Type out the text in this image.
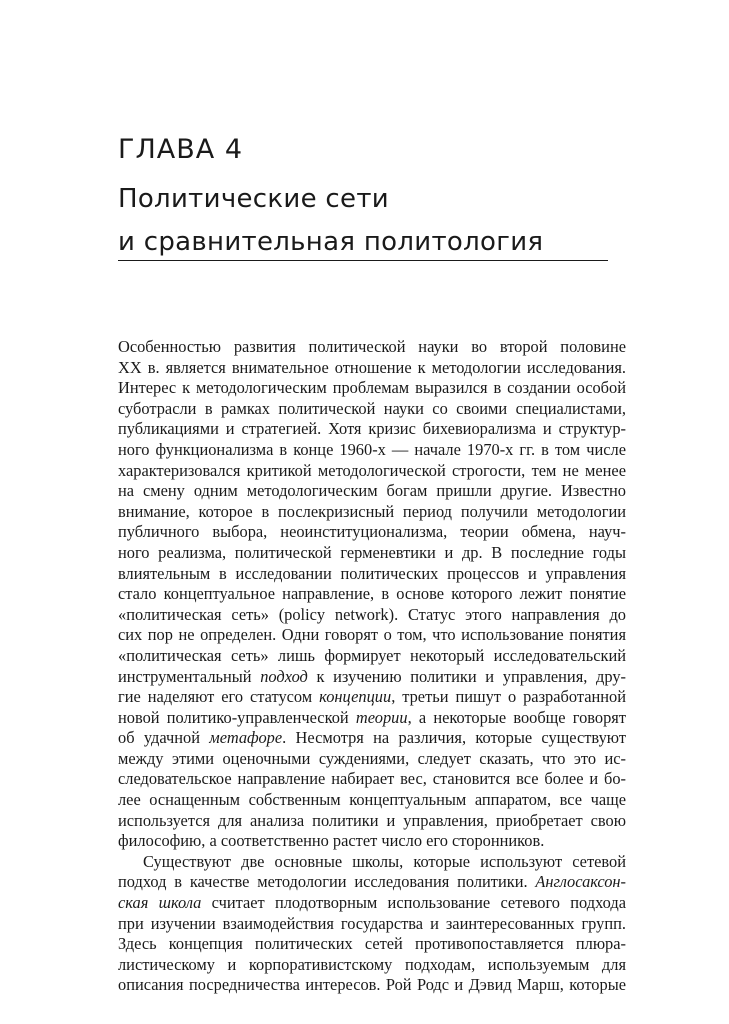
ГЛАВА 4
Политические сети
и сравнительная политология
Особенностью развития политической науки во второй половине
XX в. является внимательное отношение к методологии исследования.
Интерес к методологическим проблемам выразился в создании особой
суботрасли в рамках политической науки со своими специалистами,
публикациями и стратегией. Хотя кризис бихевиорализма и структур-
ного функционализма в конце 1960-х — начале 1970-х гг. в том числе
характеризовался критикой методологической строгости, тем не менее
на смену одним методологическим богам пришли другие. Известно
внимание, которое в послекризисный период получили методологии
публичного выбора, неоинституционализма, теории обмена, науч-
ного реализма, политической герменевтики и др. В последние годы
влиятельным в исследовании политических процессов и управления
стало концептуальное направление, в основе которого лежит понятие
«политическая сеть» (policy network). Статус этого направления до
сих пор не определен. Одни говорят о том, что использование понятия
«политическая сеть» лишь формирует некоторый исследовательский
инструментальный подход к изучению политики и управления, дру-
гие наделяют его статусом концепции, третьи пишут о разработанной
новой политико-управленческой теории, а некоторые вообще говорят
об удачной метафоре. Несмотря на различия, которые существуют
между этими оценочными суждениями, следует сказать, что это ис-
следовательское направление набирает вес, становится все более и бо-
лее оснащенным собственным концептуальным аппаратом, все чаще
используется для анализа политики и управления, приобретает свою
философию, а соответственно растет число его сторонников.
Существуют две основные школы, которые используют сетевой
подход в качестве методологии исследования политики. Англосаксон-
ская школа считает плодотворным использование сетевого подхода
при изучении взаимодействия государства и заинтересованных групп.
Здесь концепция политических сетей противопоставляется плюра-
листическому и корпоративистскому подходам, используемым для
описания посредничества интересов. Рой Родс и Дэвид Марш, которые
